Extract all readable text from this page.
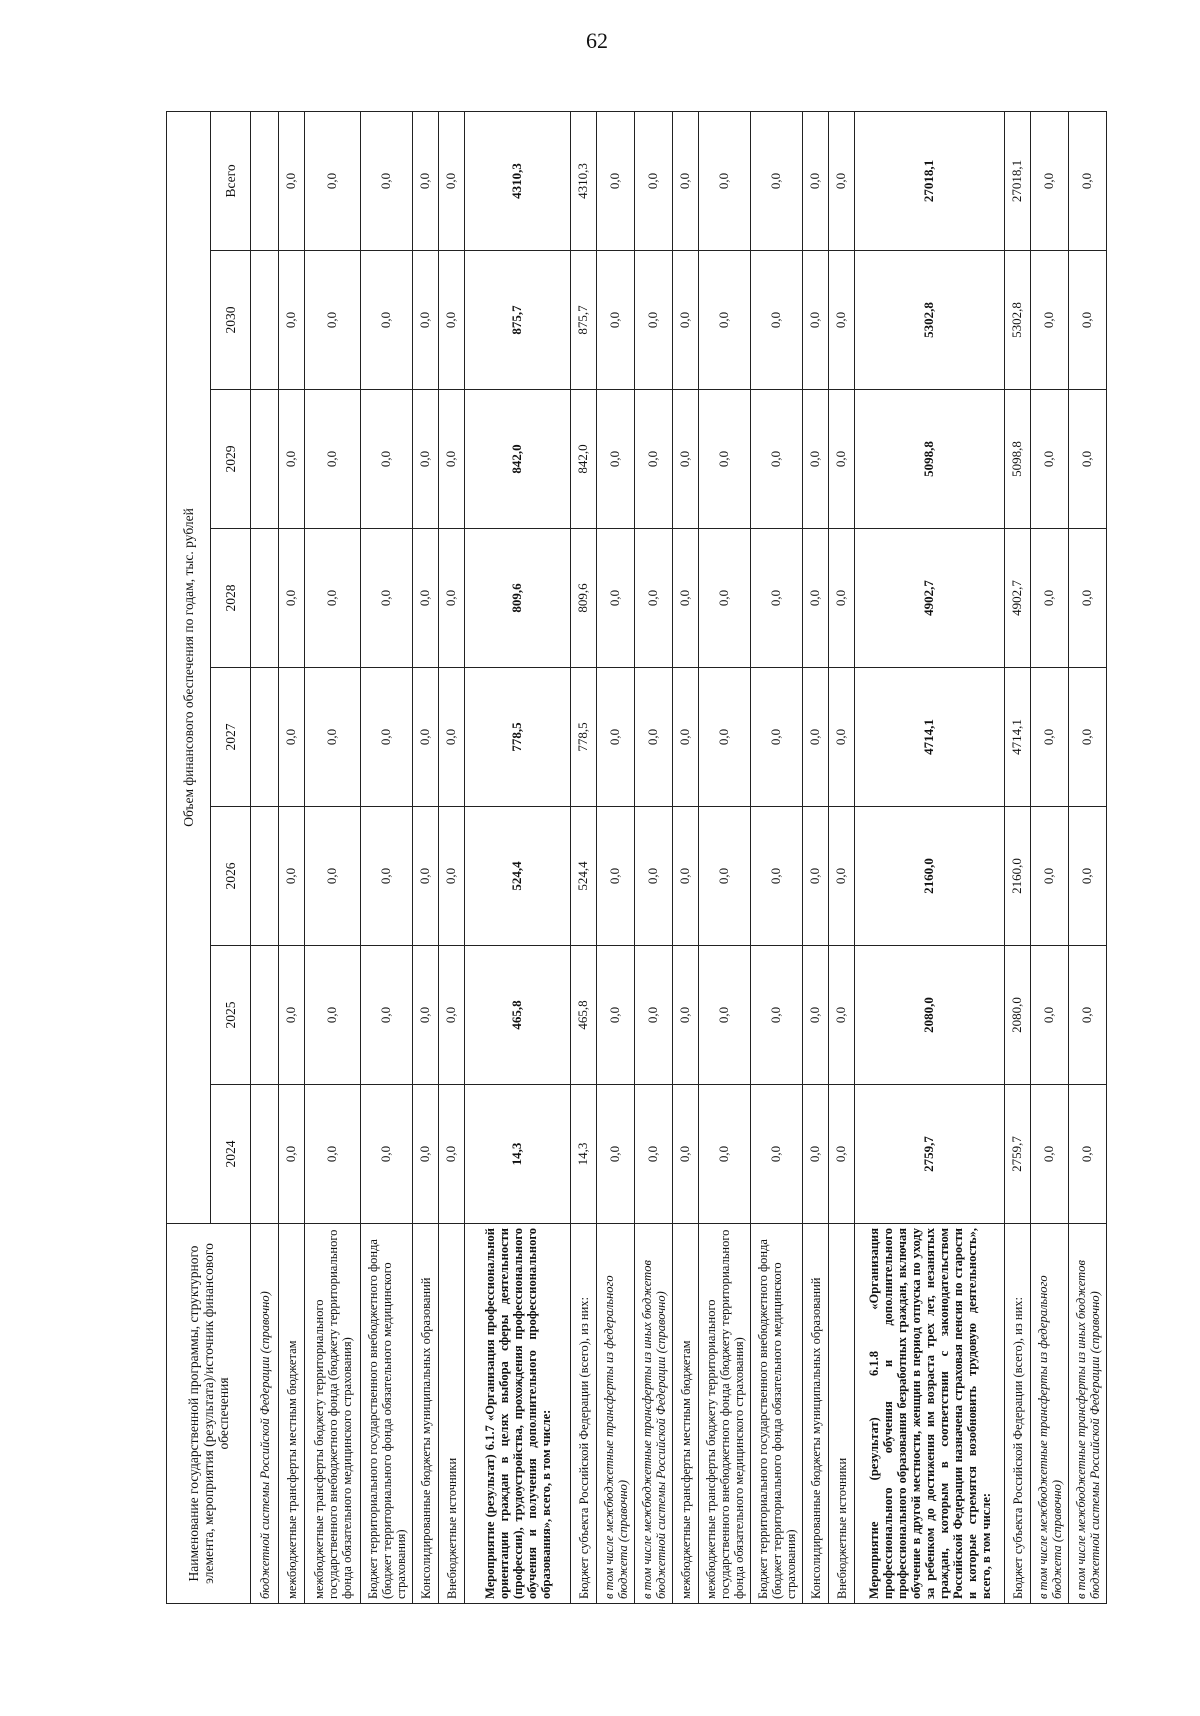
62
Наименование государственной программы, структурного элемента, мероприятия (результата)/источник финансового обеспечения	Объем финансового обеспечения по годам, тыс. рублей							
	2024	2025	2026	2027	2028	2029	2030	Всего
бюджетной системы Российской Федерации (справочно)								
межбюджетные трансферты местным бюджетам	0,0	0,0	0,0	0,0	0,0	0,0	0,0	0,0
межбюджетные трансферты бюджету территориального государственного внебюджетного фонда (бюджету территориального фонда обязательного медицинского страхования)	0,0	0,0	0,0	0,0	0,0	0,0	0,0	0,0
Бюджет территориального государственного внебюджетного фонда (бюджет территориального фонда обязательного медицинского страхования)	0,0	0,0	0,0	0,0	0,0	0,0	0,0	0,0
Консолидированные бюджеты муниципальных образований	0,0	0,0	0,0	0,0	0,0	0,0	0,0	0,0
Внебюджетные источники	0,0	0,0	0,0	0,0	0,0	0,0	0,0	0,0
Мероприятие (результат) 6.1.7 «Организация профессиональной ориентации граждан в целях выбора сферы деятельности (профессии), трудоустройства, прохождения профессионального обучения и получения дополнительного профессионального образования», всего, в том числе:	14,3	465,8	524,4	778,5	809,6	842,0	875,7	4310,3
Бюджет субъекта Российской Федерации (всего), из них:	14,3	465,8	524,4	778,5	809,6	842,0	875,7	4310,3
в том числе межбюджетные трансферты из федерального бюджета (справочно)	0,0	0,0	0,0	0,0	0,0	0,0	0,0	0,0
в том числе межбюджетные трансферты из иных бюджетов бюджетной системы Российской Федерации (справочно)	0,0	0,0	0,0	0,0	0,0	0,0	0,0	0,0
межбюджетные трансферты местным бюджетам	0,0	0,0	0,0	0,0	0,0	0,0	0,0	0,0
межбюджетные трансферты бюджету территориального государственного внебюджетного фонда (бюджету территориального фонда обязательного медицинского страхования)	0,0	0,0	0,0	0,0	0,0	0,0	0,0	0,0
Бюджет территориального государственного внебюджетного фонда (бюджет территориального фонда обязательного медицинского страхования)	0,0	0,0	0,0	0,0	0,0	0,0	0,0	0,0
Консолидированные бюджеты муниципальных образований	0,0	0,0	0,0	0,0	0,0	0,0	0,0	0,0
Внебюджетные источники	0,0	0,0	0,0	0,0	0,0	0,0	0,0	0,0
Мероприятие (результат) 6.1.8 «Организация профессионального обучения и дополнительного профессионального образования безработных граждан, включая обучение в другой местности, женщин в период отпуска по уходу за ребенком до достижения им возраста трех лет, незанятых граждан, которым в соответствии с законодательством Российской Федерации назначена страховая пенсия по старости и которые стремятся возобновить трудовую деятельность», всего, в том числе:	2759,7	2080,0	2160,0	4714,1	4902,7	5098,8	5302,8	27018,1
Бюджет субъекта Российской Федерации (всего), из них:	2759,7	2080,0	2160,0	4714,1	4902,7	5098,8	5302,8	27018,1
в том числе межбюджетные трансферты из федерального бюджета (справочно)	0,0	0,0	0,0	0,0	0,0	0,0	0,0	0,0
в том числе межбюджетные трансферты из иных бюджетов бюджетной системы Российской Федерации (справочно)	0,0	0,0	0,0	0,0	0,0	0,0	0,0	0,0
